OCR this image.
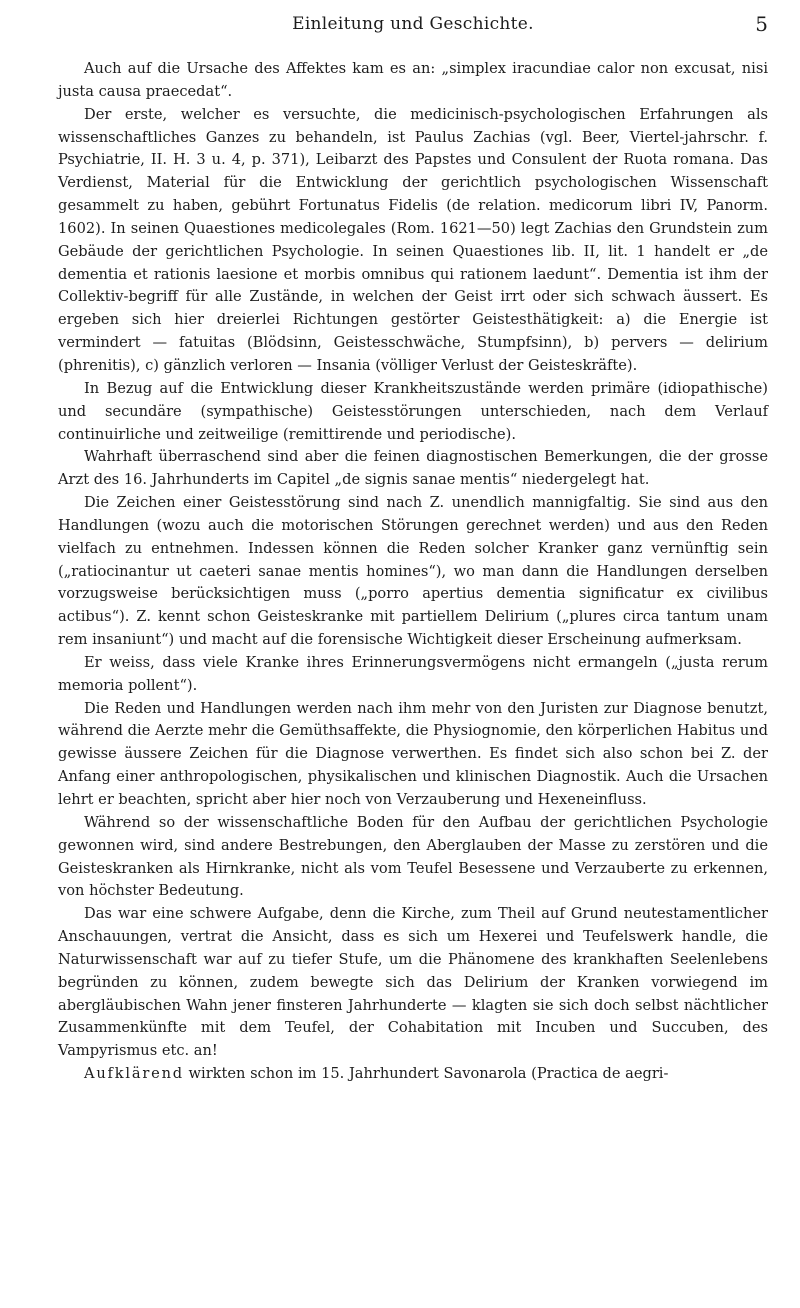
Einleitung und Geschichte.	5

Auch auf die Ursache des Affektes kam es an: „simplex iracundiae calor non excusat, nisi justa causa praecedat“.

Der erste, welcher es versuchte, die medicinisch-psychologischen Erfahrungen als wissenschaftliches Ganzes zu behandeln, ist Paulus Zachias (vgl. Beer, Viertel-jahrschr. f. Psychiatrie, II. H. 3 u. 4, p. 371), Leibarzt des Papstes und Consulent der Ruota romana. Das Verdienst, Material für die Entwicklung der gerichtlich psychologischen Wissenschaft gesammelt zu haben, gebührt Fortunatus Fidelis (de relation. medicorum libri IV, Panorm. 1602). In seinen Quaestiones medicolegales (Rom. 1621—50) legt Zachias den Grundstein zum Gebäude der gerichtlichen Psychologie. In seinen Quaestiones lib. II, lit. 1 handelt er „de dementia et rationis laesione et morbis omnibus qui rationem laedunt“. Dementia ist ihm der Collektiv-begriff für alle Zustände, in welchen der Geist irrt oder sich schwach äussert. Es ergeben sich hier dreierlei Richtungen gestörter Geistesthätigkeit: a) die Energie ist vermindert — fatuitas (Blödsinn, Geistesschwäche, Stumpfsinn), b) pervers — delirium (phrenitis), c) gänzlich verloren — Insania (völliger Verlust der Geisteskräfte).

In Bezug auf die Entwicklung dieser Krankheitszustände werden primäre (idiopathische) und secundäre (sympathische) Geistesstörungen unterschieden, nach dem Verlauf continuirliche und zeitweilige (remittirende und periodische).

Wahrhaft überraschend sind aber die feinen diagnostischen Bemerkungen, die der grosse Arzt des 16. Jahrhunderts im Capitel „de signis sanae mentis“ niedergelegt hat.

Die Zeichen einer Geistesstörung sind nach Z. unendlich mannigfaltig. Sie sind aus den Handlungen (wozu auch die motorischen Störungen gerechnet werden) und aus den Reden vielfach zu entnehmen. Indessen können die Reden solcher Kranker ganz vernünftig sein („ratiocinantur ut caeteri sanae mentis homines“), wo man dann die Handlungen derselben vorzugsweise berücksichtigen muss („porro apertius dementia significatur ex civilibus actibus“). Z. kennt schon Geisteskranke mit partiellem Delirium („plures circa tantum unam rem insaniunt“) und macht auf die forensische Wichtigkeit dieser Erscheinung aufmerksam.

Er weiss, dass viele Kranke ihres Erinnerungsvermögens nicht ermangeln („justa rerum memoria pollent“).

Die Reden und Handlungen werden nach ihm mehr von den Juristen zur Diagnose benutzt, während die Aerzte mehr die Gemüthsaffekte, die Physiognomie, den körperlichen Habitus und gewisse äussere Zeichen für die Diagnose verwerthen. Es findet sich also schon bei Z. der Anfang einer anthropologischen, physikalischen und klinischen Diagnostik. Auch die Ursachen lehrt er beachten, spricht aber hier noch von Verzauberung und Hexeneinfluss.

Während so der wissenschaftliche Boden für den Aufbau der gerichtlichen Psychologie gewonnen wird, sind andere Bestrebungen, den Aberglauben der Masse zu zerstören und die Geisteskranken als Hirnkranke, nicht als vom Teufel Besessene und Verzauberte zu erkennen, von höchster Bedeutung.

Das war eine schwere Aufgabe, denn die Kirche, zum Theil auf Grund neutestamentlicher Anschauungen, vertrat die Ansicht, dass es sich um Hexerei und Teufelswerk handle, die Naturwissenschaft war auf zu tiefer Stufe, um die Phänomene des krankhaften Seelenlebens begründen zu können, zudem bewegte sich das Delirium der Kranken vorwiegend im abergläubischen Wahn jener finsteren Jahrhunderte — klagten sie sich doch selbst nächtlicher Zusammenkünfte mit dem Teufel, der Cohabitation mit Incuben und Succuben, des Vampyrismus etc. an!

Aufklärend wirkten schon im 15. Jahrhundert Savonarola (Practica de aegri-
